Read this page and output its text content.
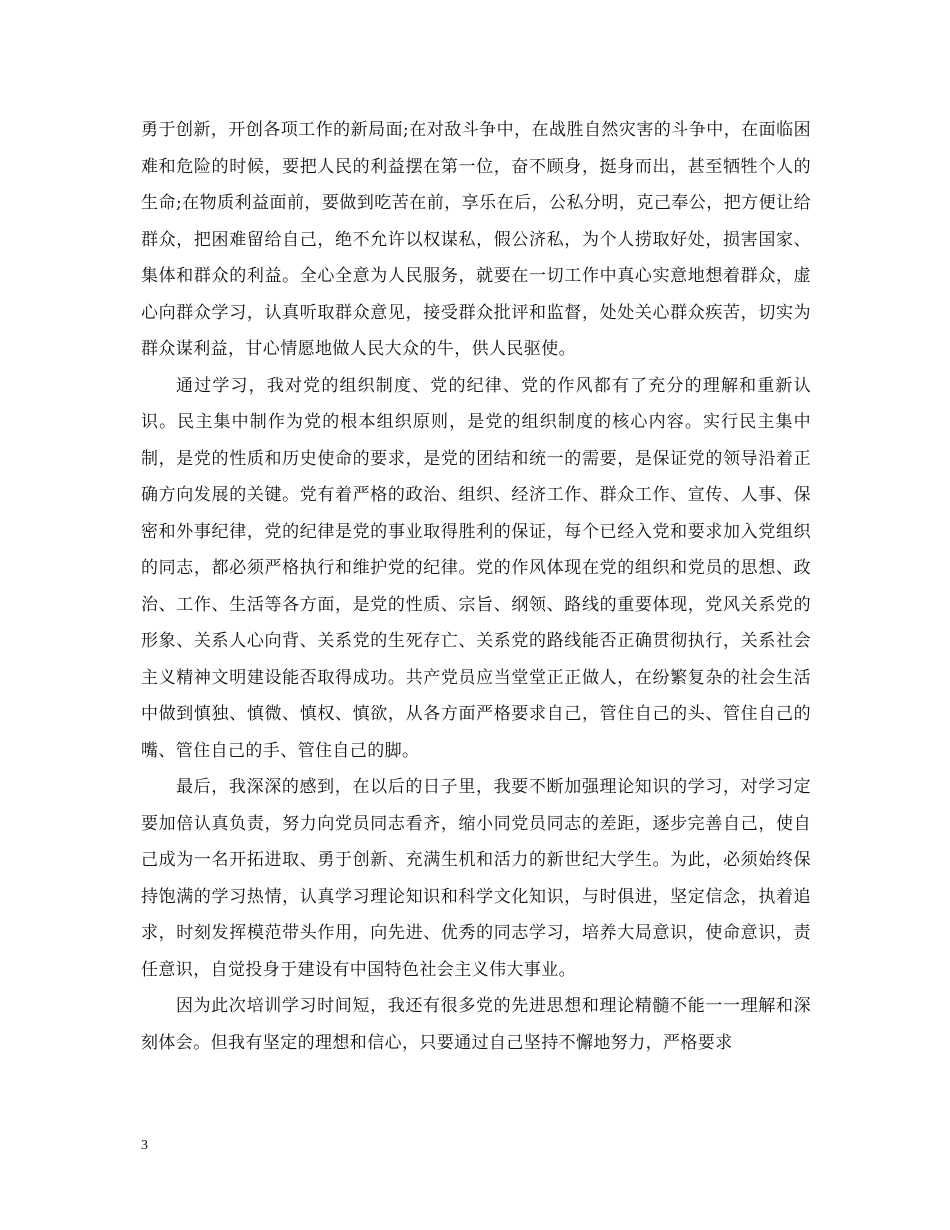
勇于创新，开创各项工作的新局面;在对敌斗争中，在战胜自然灾害的斗争中，在面临困难和危险的时候，要把人民的利益摆在第一位，奋不顾身，挺身而出，甚至牺牲个人的生命;在物质利益面前，要做到吃苦在前，享乐在后，公私分明，克己奉公，把方便让给群众，把困难留给自己，绝不允许以权谋私，假公济私，为个人捞取好处，损害国家、集体和群众的利益。全心全意为人民服务，就要在一切工作中真心实意地想着群众，虚心向群众学习，认真听取群众意见，接受群众批评和监督，处处关心群众疾苦，切实为群众谋利益，甘心情愿地做人民大众的牛，供人民驱使。

通过学习，我对党的组织制度、党的纪律、党的作风都有了充分的理解和重新认识。民主集中制作为党的根本组织原则，是党的组织制度的核心内容。实行民主集中制，是党的性质和历史使命的要求，是党的团结和统一的需要，是保证党的领导沿着正确方向发展的关键。党有着严格的政治、组织、经济工作、群众工作、宣传、人事、保密和外事纪律，党的纪律是党的事业取得胜利的保证，每个已经入党和要求加入党组织的同志，都必须严格执行和维护党的纪律。党的作风体现在党的组织和党员的思想、政治、工作、生活等各方面，是党的性质、宗旨、纲领、路线的重要体现，党风关系党的形象、关系人心向背、关系党的生死存亡、关系党的路线能否正确贯彻执行，关系社会主义精神文明建设能否取得成功。共产党员应当堂堂正正做人，在纷繁复杂的社会生活中做到慎独、慎微、慎权、慎欲，从各方面严格要求自己，管住自己的头、管住自己的嘴、管住自己的手、管住自己的脚。

最后，我深深的感到，在以后的日子里，我要不断加强理论知识的学习，对学习定要加倍认真负责，努力向党员同志看齐，缩小同党员同志的差距，逐步完善自己，使自己成为一名开拓进取、勇于创新、充满生机和活力的新世纪大学生。为此，必须始终保持饱满的学习热情，认真学习理论知识和科学文化知识，与时俱进，坚定信念，执着追求，时刻发挥模范带头作用，向先进、优秀的同志学习，培养大局意识，使命意识，责任意识，自觉投身于建设有中国特色社会主义伟大事业。

因为此次培训学习时间短，我还有很多党的先进思想和理论精髓不能一一理解和深刻体会。但我有坚定的理想和信心，只要通过自己坚持不懈地努力，严格要求

3
